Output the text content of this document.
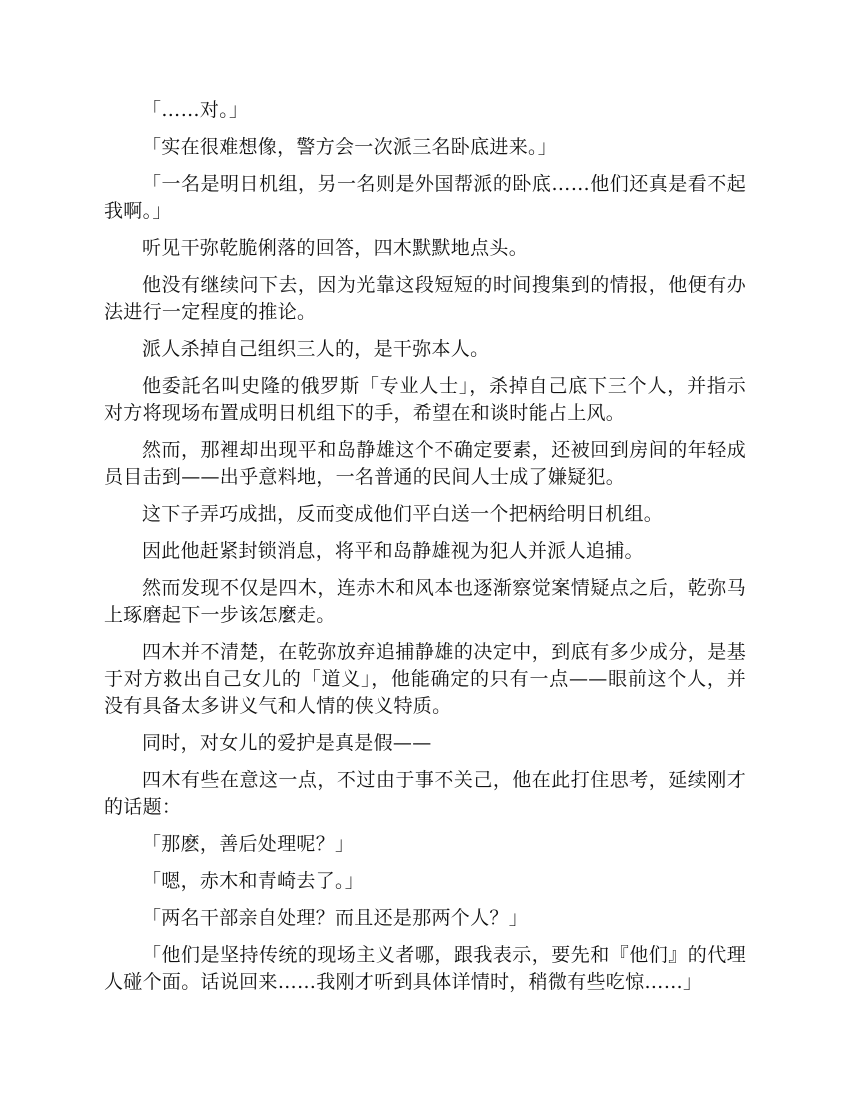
「……对。」

「实在很难想像，警方会一次派三名卧底进来。」

「一名是明日机组，另一名则是外国帮派的卧底……他们还真是看不起我啊。」

听见干弥乾脆俐落的回答，四木默默地点头。

他没有继续问下去，因为光靠这段短短的时间搜集到的情报，他便有办法进行一定程度的推论。

派人杀掉自己组织三人的，是干弥本人。

他委託名叫史隆的俄罗斯「专业人士」，杀掉自己底下三个人，并指示对方将现场布置成明日机组下的手，希望在和谈时能占上风。

然而，那裡却出现平和岛静雄这个不确定要素，还被回到房间的年轻成员目击到——出乎意料地，一名普通的民间人士成了嫌疑犯。

这下子弄巧成拙，反而变成他们平白送一个把柄给明日机组。

因此他赶紧封锁消息，将平和岛静雄视为犯人并派人追捕。

然而发现不仅是四木，连赤木和风本也逐渐察觉案情疑点之后，乾弥马上琢磨起下一步该怎麼走。

四木并不清楚，在乾弥放弃追捕静雄的决定中，到底有多少成分，是基于对方救出自己女儿的「道义」，他能确定的只有一点——眼前这个人，并没有具备太多讲义气和人情的侠义特质。

同时，对女儿的爱护是真是假——

四木有些在意这一点，不过由于事不关己，他在此打住思考，延续刚才的话题：

「那麽，善后处理呢？」

「嗯，赤木和青崎去了。」

「两名干部亲自处理？而且还是那两个人？」

「他们是坚持传统的现场主义者哪，跟我表示，要先和『他们』的代理人碰个面。话说回来……我刚才听到具体详情时，稍微有些吃惊……」
